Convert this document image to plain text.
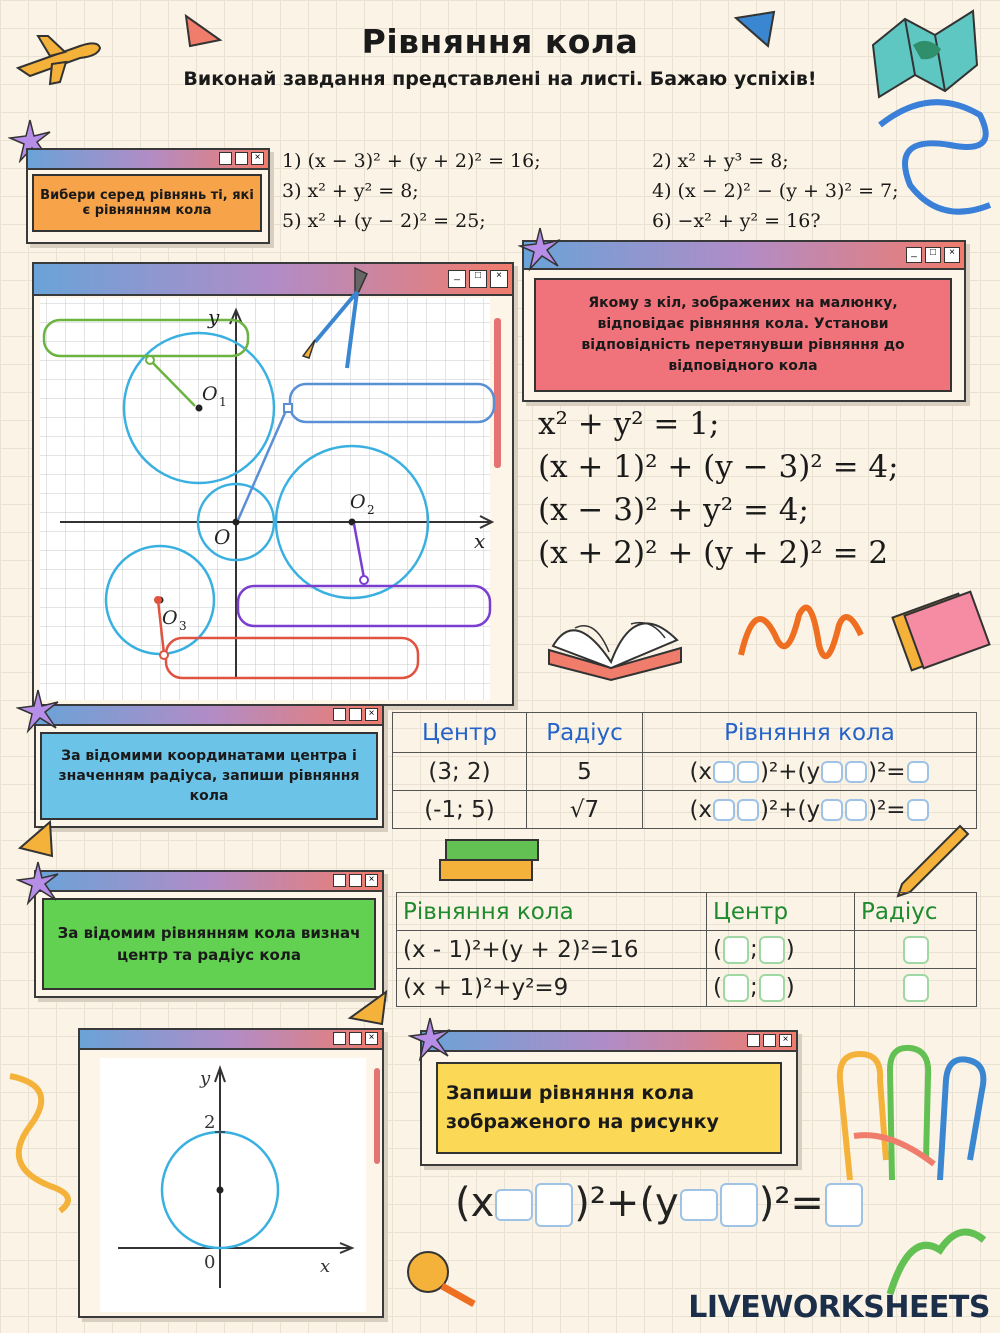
Рівняння кола
Виконай завдання представлені на листі. Бажаю успіхів!
×
Вибери серед рівнянь ті, які є рівнянням кола
1) (x − 3)² + (y + 2)² = 16;	2) x² + y³ = 8;
3) x² + y² = 8;	4) (x − 2)² − (y + 3)² = 7;
5) x² + (y − 2)² = 25;	6) −x² + y² = 16?
_	□	×
y
x
O
O 1
O 2
O 3
_	□	×
Якому з кіл, зображених на малюнку, відповідає рівняння кола. Установи відповідність перетянувши рівняння до відповідного кола
x² + y² = 1;
(x + 1)² + (y − 3)² = 4;
(x − 3)² + y² = 4;
(x + 2)² + (y + 2)² = 2
×
За відомими координатами центра і значенням радіуса, запиши рівняння кола
Центр	Радіус	Рівняння кола
(3; 2)	5	(x )²+(y )²=
(-1; 5)	√7	(x )²+(y )²=
×
За відомим рівнянням кола визнач центр та радіус кола
Рівняння кола	Центр	Радіус
(x - 1)²+(y + 2)²=16	( ; )	
(x + 1)²+y²=9	( ; )	
×
y
x
2
0
×
Запиши рівняння кола зображеного на рисунку
(x )²+(y )²=
LIVEWORKSHEETS
